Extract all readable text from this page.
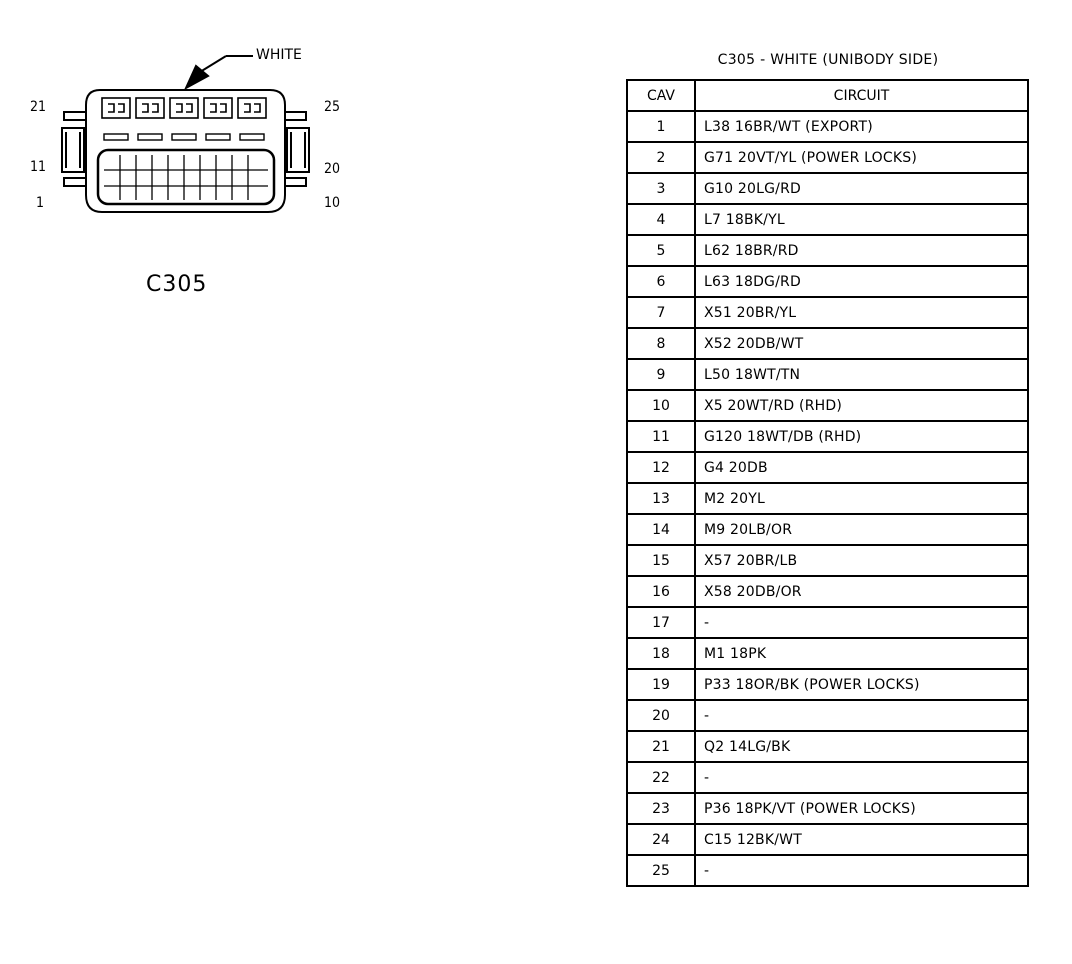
WHITE
21	25
11	20
1	10
C305
C305 - WHITE (UNIBODY SIDE)
CAV	CIRCUIT
1	L38 16BR/WT (EXPORT)
2	G71 20VT/YL (POWER LOCKS)
3	G10 20LG/RD
4	L7 18BK/YL
5	L62 18BR/RD
6	L63 18DG/RD
7	X51 20BR/YL
8	X52 20DB/WT
9	L50 18WT/TN
10	X5 20WT/RD (RHD)
11	G120 18WT/DB (RHD)
12	G4 20DB
13	M2 20YL
14	M9 20LB/OR
15	X57 20BR/LB
16	X58 20DB/OR
17	-
18	M1 18PK
19	P33 18OR/BK (POWER LOCKS)
20	-
21	Q2 14LG/BK
22	-
23	P36 18PK/VT (POWER LOCKS)
24	C15 12BK/WT
25	-
